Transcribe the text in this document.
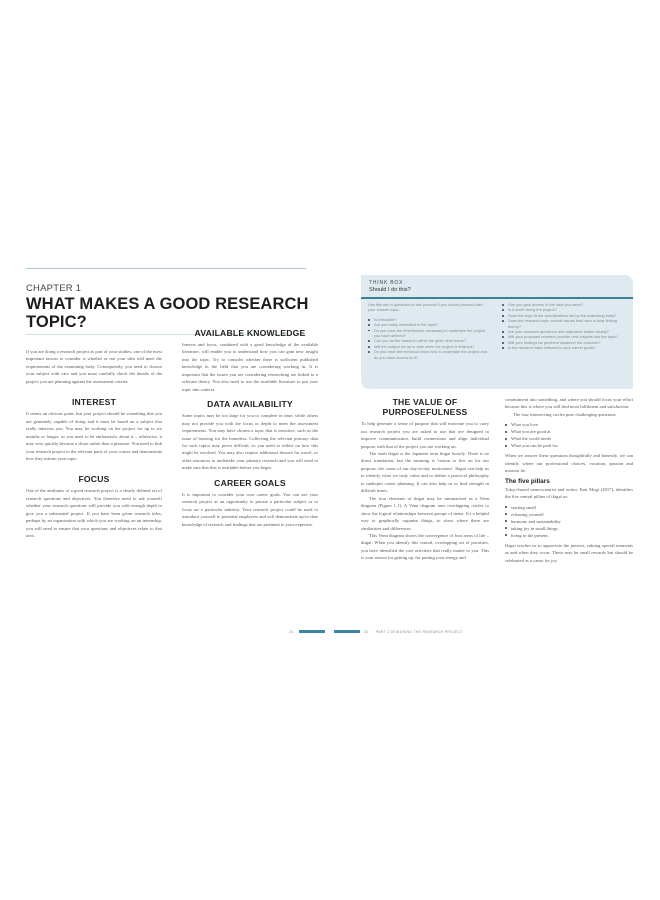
CHAPTER 1
WHAT MAKES A GOOD RESEARCH TOPIC?

If you are doing a research project as part of your studies, one of the most important factors to consider is whether or not your idea will meet the requirements of the examining body. Consequently, you need to choose your subject with care and you must carefully check the details of the project you are planning against the assessment criteria.

INTEREST

It seems an obvious point, but your project should be something that you are genuinely capable of doing and it must be based on a subject that really interests you. You may be working on the project for up to six months or longer, so you need to be enthusiastic about it – otherwise, it may very quickly become a chore rather than a pleasure. You need to link your research project to the relevant parts of your course and demonstrate how they inform your topic.

FOCUS

One of the attributes of a good research project is a clearly defined set of research questions and objectives. You therefore need to ask yourself whether your research questions will provide you with enough depth to give you a substantial project. If you have been given research titles, perhaps by an organisation with which you are working on an internship, you will need to ensure that your questions and objectives relate to that area.

AVAILABLE KNOWLEDGE

Interest and focus, combined with a good knowledge of the available literature, will enable you to understand how you can gain new insight into the topic. Try to consider whether there is sufficient published knowledge in the field that you are considering working in. It is important that the issues you are considering researching are linked to a relevant theory. You also need to use the available literature to put your topic into context.

DATA AVAILABILITY

Some topics may be too large for you to complete in time, while others may not provide you with the focus or depth to meet the assessment requirements. You may have chosen a topic that is sensitive, such as the issue of housing for the homeless. Collecting the relevant primary data for such topics may prove difficult, so you need to reflect on how this might be resolved. You may also require additional finance for travel, or other resources to undertake your primary research and you will need to make sure that this is available before you begin.

CAREER GOALS

It is important to consider your own career goals. You can use your research project as an opportunity to pursue a particular subject or to focus on a particular industry. Your research project could be used to introduce yourself to potential employers and will demonstrate up-to-date knowledge of research and findings that are pertinent to your expertise.

THINK BOX
Should I do this?

Use this set of questions to ask yourself if you should proceed with your chosen topic.

Is it feasible?
Are you really interested in the topic?
Do you have the time/finance necessary to undertake the project you have defined?
Can you do the research within the given time frame?
Will the subject be up to date when the project is finished?
Do you have the technical know-how to undertake the project and do you have access to it?
Can you gain access to the data you need?
Is it worth doing the project?
Does the topic fit the specifications set by the examining body?
Does the research topic contain issues that have a clear linking theory?
Are your research questions and objectives stated clearly?
Will your proposed research provide new insights into the topic?
Will your findings be pertinent whatever the outcome?
Is the research topic relevant to your career goals?
THE VALUE OF PURPOSEFULNESS

To help generate a sense of purpose that will motivate you to carry out research project you are asked to use that are designed to improve communication, build connections and align individual purpose with that of the project you are working on.

The sixth ikigai is the Japanese term ikigai loosely. There is no direct translation, but the meaning is 'reason to live on for our purpose, the cause of our day-to-day motivation'. Ikigai can help us to identify what we truly value and to define a practical philosophy to underpin career planning. It can also help us to find strength in difficult times.

The four elements of ikigai may be summarised as a Venn diagram (Figure 1.1). A Venn diagram uses overlapping circles to show the logical relationships between groups of items. It's a helpful way to graphically organise things, to show where there are similarities and differences.

This Venn diagram shows the convergence of four areas of life – ikigai. When you identify this central, overlapping set of priorities, you have identified the core activities that really matter to you. This is your reason for getting up, for putting your energy and

commitment into something, and where you should focus your effort because this is where you will find most fulfilment and satisfaction.

The four intersecting circles pose challenging questions:

What you love
What you are good at
What the world needs
What you can be paid for.

When we answer these questions thoughtfully and honestly, we can identify where our professional choices, vocation, passion and mission lie.

The five pillars

Tokyo-based neuroscientist and writer, Ken Mogi (2017), identifies the five central pillars of ikigai as:

starting small
releasing yourself
harmony and sustainability
taking joy in small things
living in the present.

Ikigai teaches us to appreciate the present, valuing special moments as and when they occur. These may be small rewards but should be celebrated as a cause for joy.

21	22 PART 1 DESIGNING THE RESEARCH PROJECT
